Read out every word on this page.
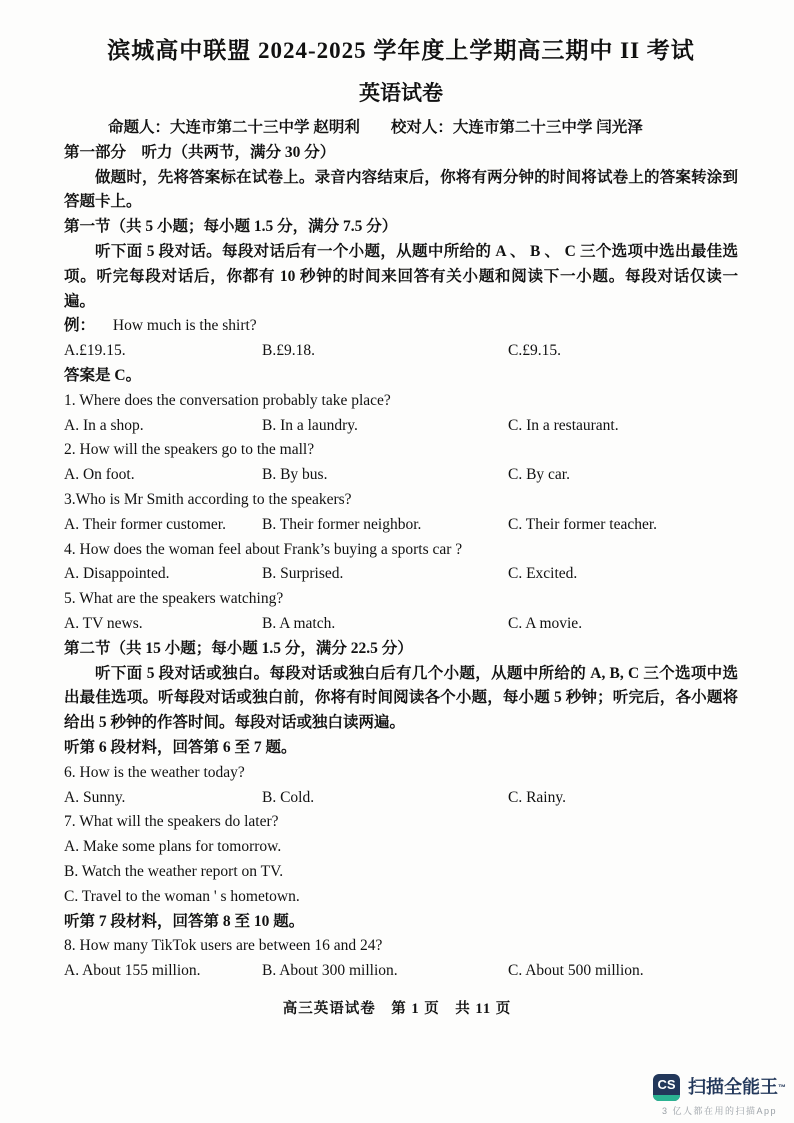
滨城高中联盟 2024-2025 学年度上学期高三期中 II 考试
英语试卷
命题人：大连市第二十三中学 赵明利　　校对人：大连市第二十三中学 闫光泽
第一部分　听力（共两节，满分 30 分）

做题时，先将答案标在试卷上。录音内容结束后，你将有两分钟的时间将试卷上的答案转涂到答题卡上。

第一节（共 5 小题；每小题 1.5 分，满分 7.5 分）

听下面 5 段对话。每段对话后有一个小题，从题中所给的 A 、 B 、 C 三个选项中选出最佳选项。听完每段对话后，你都有 10 秒钟的时间来回答有关小题和阅读下一小题。每段对话仅读一遍。

例： How much is the shirt?
A.£19.15.	B.£9.18.	C.£9.15.
答案是 C。
1. Where does the conversation probably take place?
A. In a shop.	B. In a laundry.	C. In a restaurant.
2. How will the speakers go to the mall?
A. On foot.	B. By bus.	C. By car.
3.Who is Mr Smith according to the speakers?
A. Their former customer.	B. Their former neighbor.	C. Their former teacher.
4. How does the woman feel about Frank’s buying a sports car ?
A. Disappointed.	B. Surprised.	C. Excited.
5. What are the speakers watching?
A. TV news.	B. A match.	C. A movie.
第二节（共 15 小题；每小题 1.5 分，满分 22.5 分）

听下面 5 段对话或独白。每段对话或独白后有几个小题，从题中所给的 A, B, C 三个选项中选出最佳选项。听每段对话或独白前，你将有时间阅读各个小题，每小题 5 秒钟；听完后，各小题将给出 5 秒钟的作答时间。每段对话或独白读两遍。

听第 6 段材料，回答第 6 至 7 题。
6. How is the weather today?
A. Sunny.	B. Cold.	C. Rainy.
7. What will the speakers do later?
A. Make some plans for tomorrow.
B. Watch the weather report on TV.
C. Travel to the woman ' s hometown.
听第 7 段材料，回答第 8 至 10 题。
8. How many TikTok users are between 16 and 24?
A. About 155 million.	B. About 300 million.	C. About 500 million.
高三英语试卷　第 1 页　共 11 页
CS 扫描全能王™
3 亿人都在用的扫描App
